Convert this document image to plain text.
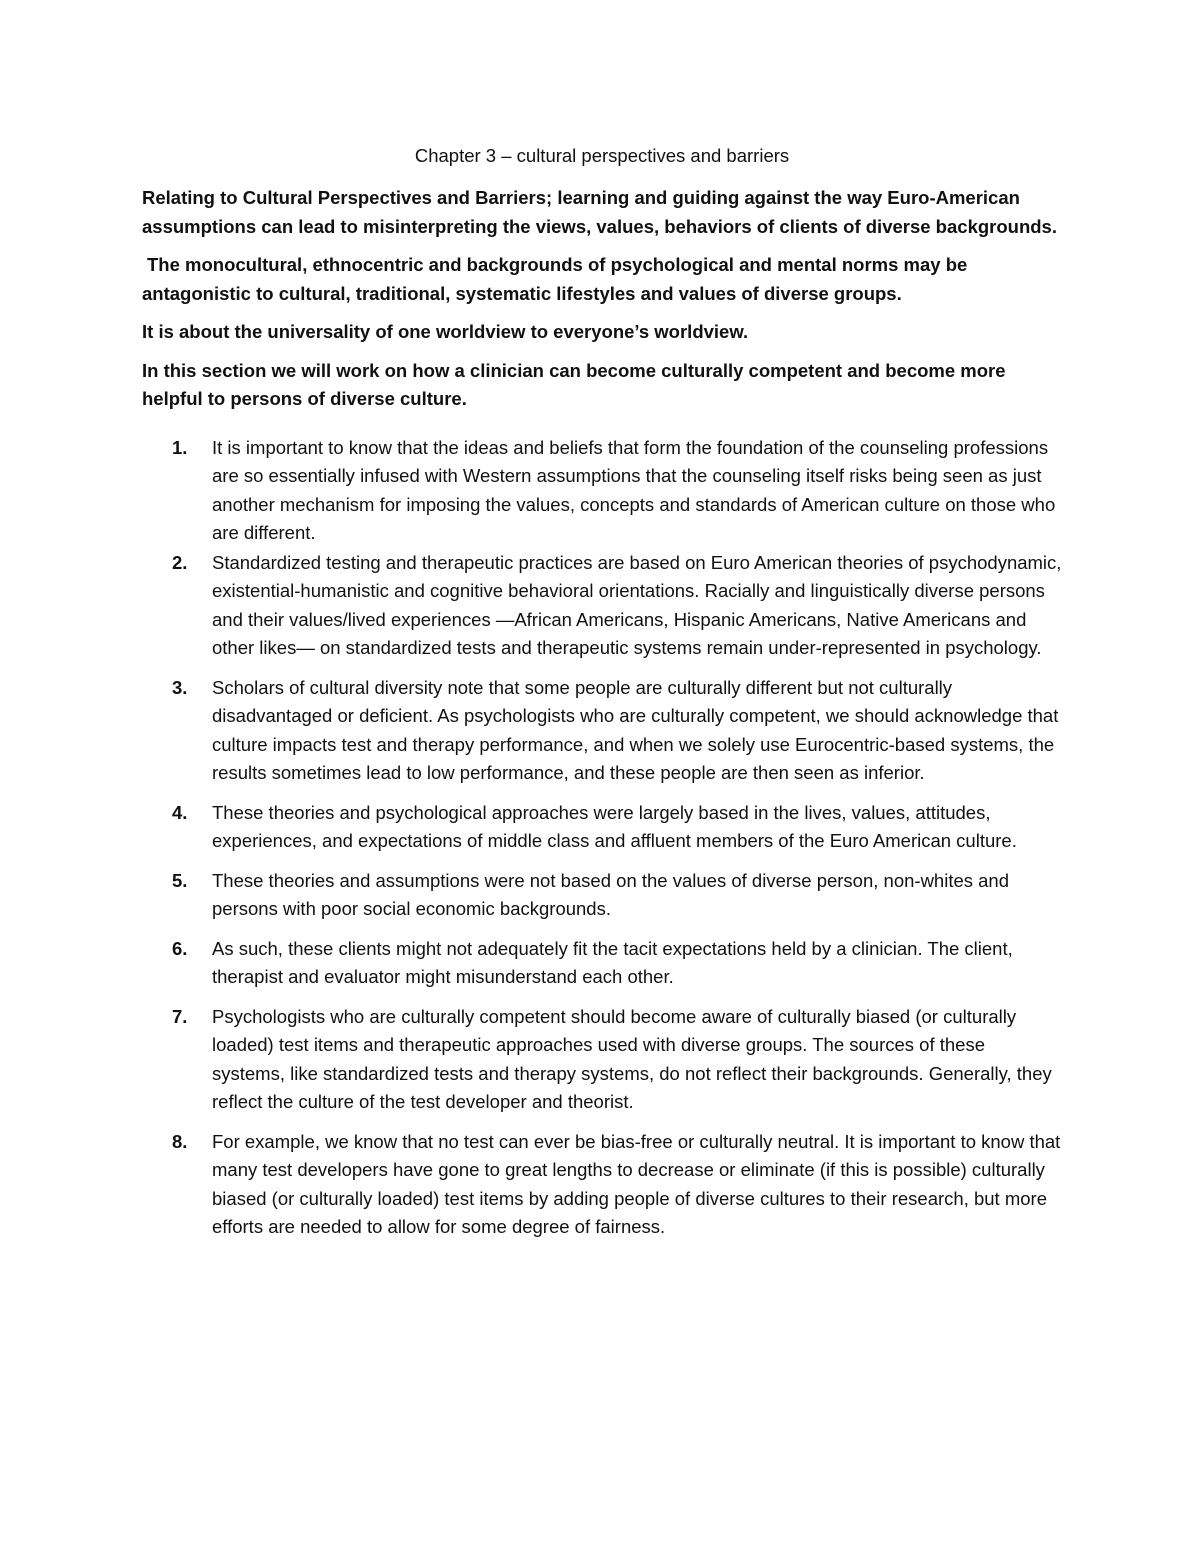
Chapter 3 – cultural perspectives and barriers

Relating to Cultural Perspectives and Barriers; learning and guiding against the way Euro-American assumptions can lead to misinterpreting the views, values, behaviors of clients of diverse backgrounds.

The monocultural, ethnocentric and backgrounds of psychological and mental norms may be antagonistic to cultural, traditional, systematic lifestyles and values of diverse groups.

It is about the universality of one worldview to everyone’s worldview.

In this section we will work on how a clinician can become culturally competent and become more helpful to persons of diverse culture.

1. It is important to know that the ideas and beliefs that form the foundation of the counseling professions are so essentially infused with Western assumptions that the counseling itself risks being seen as just another mechanism for imposing the values, concepts and standards of American culture on those who are different.
2. Standardized testing and therapeutic practices are based on Euro American theories of psychodynamic, existential-humanistic and cognitive behavioral orientations. Racially and linguistically diverse persons and their values/lived experiences —African Americans, Hispanic Americans, Native Americans and other likes— on standardized tests and therapeutic systems remain under-represented in psychology.
3. Scholars of cultural diversity note that some people are culturally different but not culturally disadvantaged or deficient. As psychologists who are culturally competent, we should acknowledge that culture impacts test and therapy performance, and when we solely use Eurocentric-based systems, the results sometimes lead to low performance, and these people are then seen as inferior.
4. These theories and psychological approaches were largely based in the lives, values, attitudes, experiences, and expectations of middle class and affluent members of the Euro American culture.
5. These theories and assumptions were not based on the values of diverse person, non-whites and persons with poor social economic backgrounds.
6. As such, these clients might not adequately fit the tacit expectations held by a clinician. The client, therapist and evaluator might misunderstand each other.
7. Psychologists who are culturally competent should become aware of culturally biased (or culturally loaded) test items and therapeutic approaches used with diverse groups. The sources of these systems, like standardized tests and therapy systems, do not reflect their backgrounds. Generally, they reflect the culture of the test developer and theorist.
8. For example, we know that no test can ever be bias-free or culturally neutral. It is important to know that many test developers have gone to great lengths to decrease or eliminate (if this is possible) culturally biased (or culturally loaded) test items by adding people of diverse cultures to their research, but more efforts are needed to allow for some degree of fairness.
